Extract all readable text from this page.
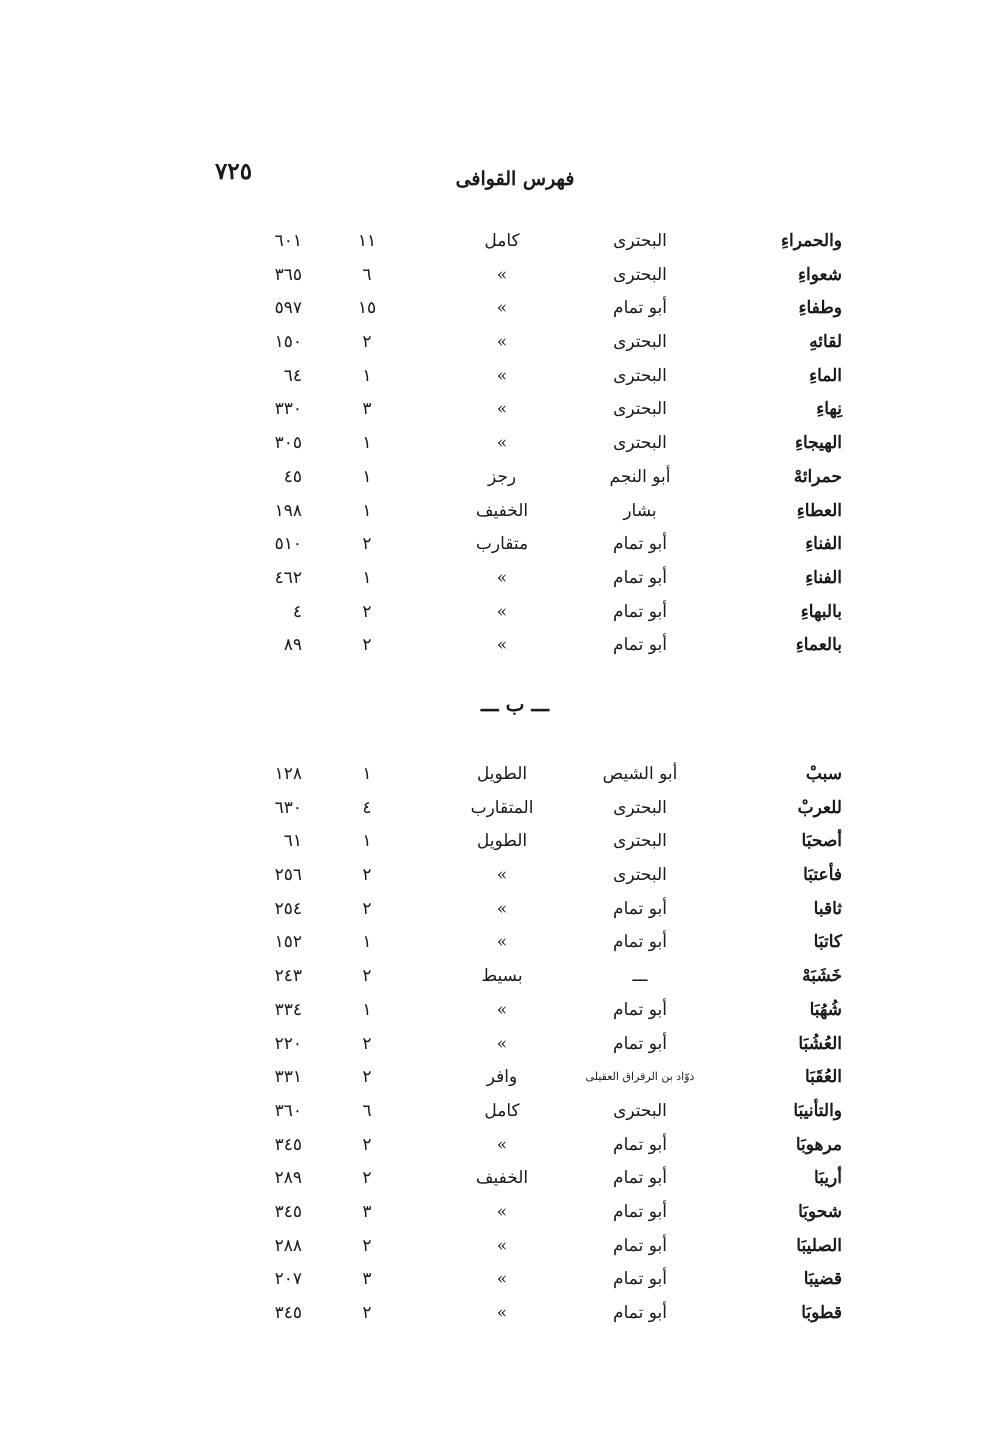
٧٢٥	فهرس القوافى
والحمراءِ
البحترى
كامل
١١
٦٠١
شعواءِ
البحترى
»
٦
٣٦٥
وطفاءِ
أبو تمام
»
١٥
٥٩٧
لقائهِ
البحترى
»
٢
١٥٠
الماءِ
البحترى
»
١
٦٤
نِهاءِ
البحترى
»
٣
٣٣٠
الهيجاءِ
البحترى
»
١
٣٠٥
حمرائهْ
أبو النجم
رجز
١
٤٥
العطاءِ
بشار
الخفيف
١
١٩٨
الفناءِ
أبو تمام
متقارب
٢
٥١٠
الفناءِ
أبو تمام
»
١
٤٦٢
بالبهاءِ
أبو تمام
»
٢
٤
بالعماءِ
أبو تمام
»
٢
٨٩
ـــ ب ـــ
سببْ
أبو الشيص
الطويل
١
١٢٨
للعربْ
البحترى
المتقارب
٤
٦٣٠
أصحبَا
البحترى
الطويل
١
٦١
فأعتبَا
البحترى
»
٢
٢٥٦
ثاقبا
أبو تمام
»
٢
٢٥٤
كاتبَا
أبو تمام
»
١
١٥٢
خَشَبَهْ
ـــ
بسيط
٢
٢٤٣
شُهُبَا
أبو تمام
»
١
٣٣٤
العُشُبَا
أبو تمام
»
٢
٢٢٠
العُقَبَا
ذوّاد بن الرقراق العقيلى
وافر
٢
٣٣١
والتأنيبَا
البحترى
كامل
٦
٣٦٠
مرهوبَا
أبو تمام
»
٢
٣٤٥
أريبَا
أبو تمام
الخفيف
٢
٢٨٩
شحوبَا
أبو تمام
»
٣
٣٤٥
الصليبَا
أبو تمام
»
٢
٢٨٨
قضيبَا
أبو تمام
»
٣
٢٠٧
قطوبَا
أبو تمام
»
٢
٣٤٥
